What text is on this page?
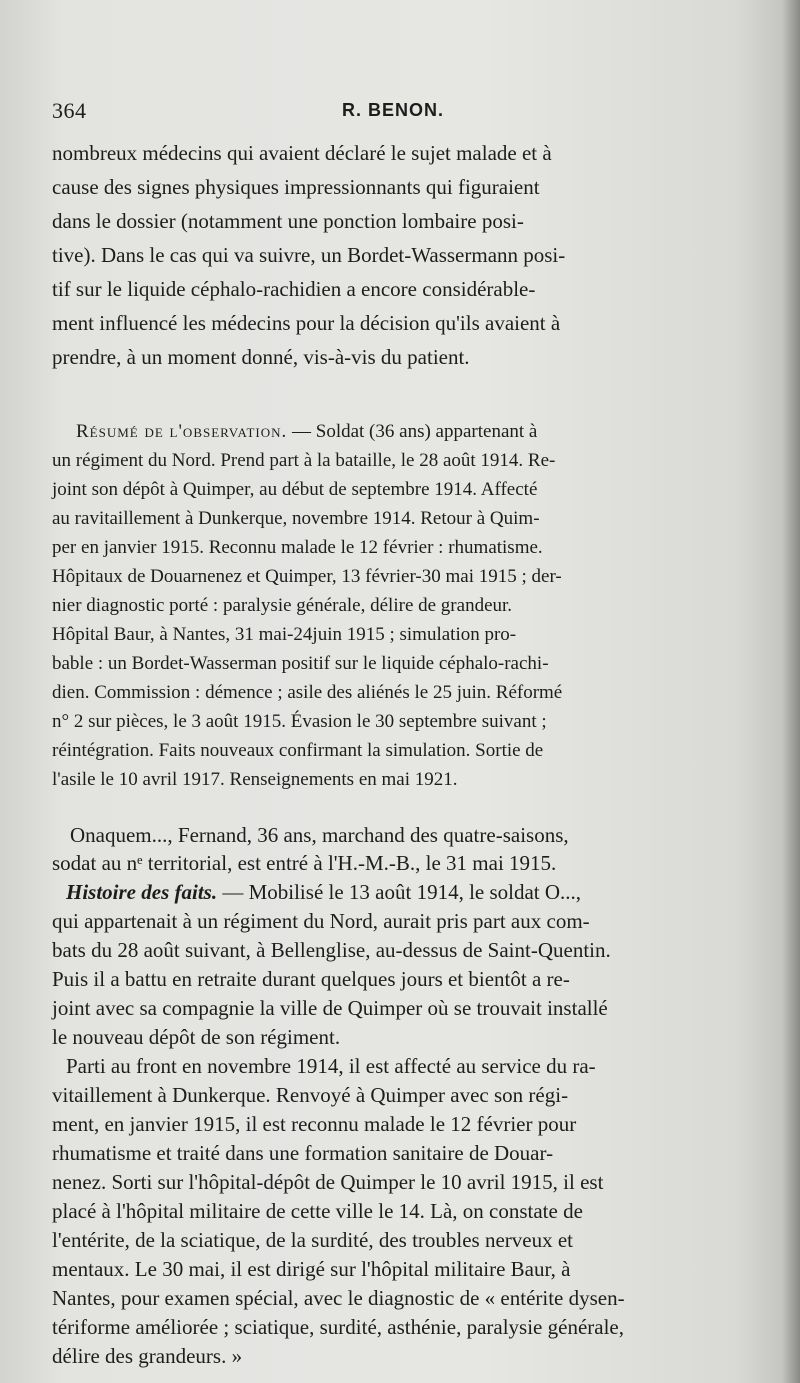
364	R. BENON.
nombreux médecins qui avaient déclaré le sujet malade et à
cause des signes physiques impressionnants qui figuraient
dans le dossier (notamment une ponction lombaire posi-
tive). Dans le cas qui va suivre, un Bordet-Wassermann posi-
tif sur le liquide céphalo-rachidien a encore considérable-
ment influencé les médecins pour la décision qu'ils avaient à
prendre, à un moment donné, vis-à-vis du patient.
Résumé de l'observation. — Soldat (36 ans) appartenant à
un régiment du Nord. Prend part à la bataille, le 28 août 1914. Re-
joint son dépôt à Quimper, au début de septembre 1914. Affecté
au ravitaillement à Dunkerque, novembre 1914. Retour à Quim-
per en janvier 1915. Reconnu malade le 12 février : rhumatisme.
Hôpitaux de Douarnenez et Quimper, 13 février-30 mai 1915 ; der-
nier diagnostic porté : paralysie générale, délire de grandeur.
Hôpital Baur, à Nantes, 31 mai-24juin 1915 ; simulation pro-
bable : un Bordet-Wasserman positif sur le liquide céphalo-rachi-
dien. Commission : démence ; asile des aliénés le 25 juin. Réformé
n° 2 sur pièces, le 3 août 1915. Évasion le 30 septembre suivant ;
réintégration. Faits nouveaux confirmant la simulation. Sortie de
l'asile le 10 avril 1917. Renseignements en mai 1921.
Onaquem..., Fernand, 36 ans, marchand des quatre-saisons,
sodat au nᵉ territorial, est entré à l'H.-M.-B., le 31 mai 1915.
Histoire des faits. — Mobilisé le 13 août 1914, le soldat O...,
qui appartenait à un régiment du Nord, aurait pris part aux com-
bats du 28 août suivant, à Bellenglise, au-dessus de Saint-Quentin.
Puis il a battu en retraite durant quelques jours et bientôt a re-
joint avec sa compagnie la ville de Quimper où se trouvait installé
le nouveau dépôt de son régiment.
Parti au front en novembre 1914, il est affecté au service du ra-
vitaillement à Dunkerque. Renvoyé à Quimper avec son régi-
ment, en janvier 1915, il est reconnu malade le 12 février pour
rhumatisme et traité dans une formation sanitaire de Douar-
nenez. Sorti sur l'hôpital-dépôt de Quimper le 10 avril 1915, il est
placé à l'hôpital militaire de cette ville le 14. Là, on constate de
l'entérite, de la sciatique, de la surdité, des troubles nerveux et
mentaux. Le 30 mai, il est dirigé sur l'hôpital militaire Baur, à
Nantes, pour examen spécial, avec le diagnostic de « entérite dysen-
tériforme améliorée ; sciatique, surdité, asthénie, paralysie générale,
délire des grandeurs. »
